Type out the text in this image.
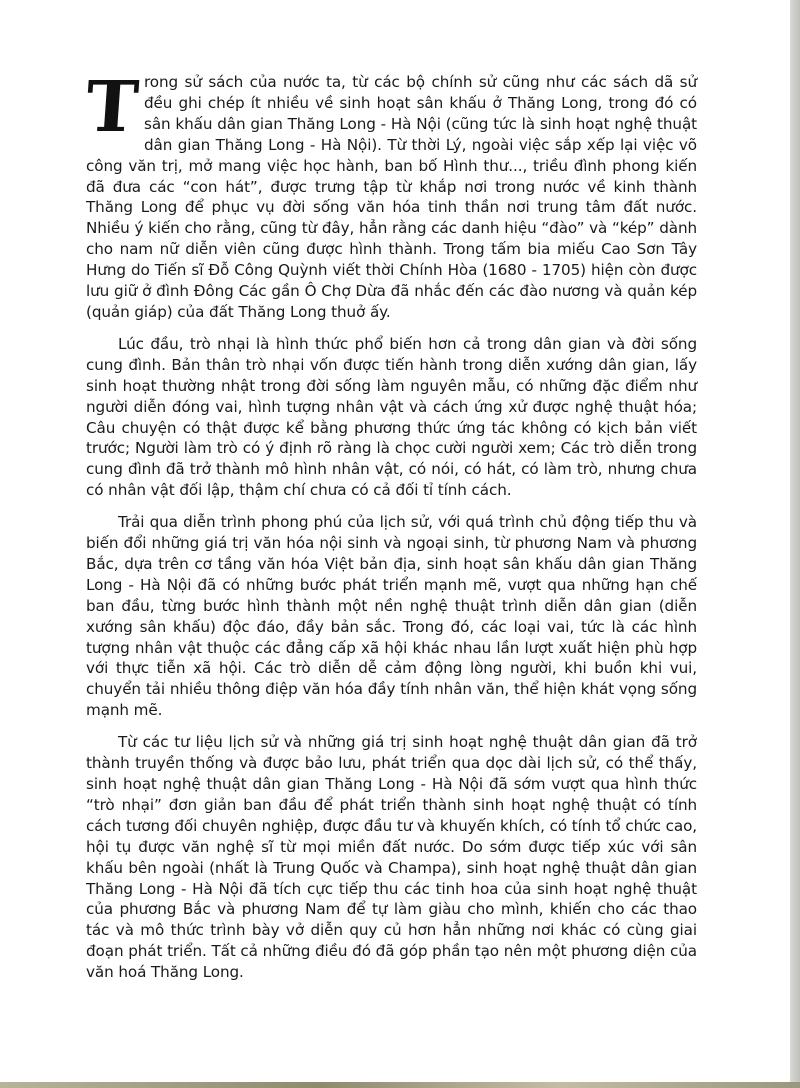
Trong sử sách của nước ta, từ các bộ chính sử cũng như các sách dã sử đều ghi chép ít nhiều về sinh hoạt sân khấu ở Thăng Long, trong đó có sân khấu dân gian Thăng Long - Hà Nội (cũng tức là sinh hoạt nghệ thuật dân gian Thăng Long - Hà Nội). Từ thời Lý, ngoài việc sắp xếp lại việc võ công văn trị, mở mang việc học hành, ban bố Hình thư..., triều đình phong kiến đã đưa các “con hát”, được trưng tập từ khắp nơi trong nước về kinh thành Thăng Long để phục vụ đời sống văn hóa tinh thần nơi trung tâm đất nước. Nhiều ý kiến cho rằng, cũng từ đây, hẳn rằng các danh hiệu “đào” và “kép” dành cho nam nữ diễn viên cũng được hình thành. Trong tấm bia miếu Cao Sơn Tây Hưng do Tiến sĩ Đỗ Công Quỳnh viết thời Chính Hòa (1680 - 1705) hiện còn được lưu giữ ở đình Đông Các gần Ô Chợ Dừa đã nhắc đến các đào nương và quản kép (quản giáp) của đất Thăng Long thuở ấy.

Lúc đầu, trò nhại là hình thức phổ biến hơn cả trong dân gian và đời sống cung đình. Bản thân trò nhại vốn được tiến hành trong diễn xướng dân gian, lấy sinh hoạt thường nhật trong đời sống làm nguyên mẫu, có những đặc điểm như người diễn đóng vai, hình tượng nhân vật và cách ứng xử được nghệ thuật hóa; Câu chuyện có thật được kể bằng phương thức ứng tác không có kịch bản viết trước; Người làm trò có ý định rõ ràng là chọc cười người xem; Các trò diễn trong cung đình đã trở thành mô hình nhân vật, có nói, có hát, có làm trò, nhưng chưa có nhân vật đối lập, thậm chí chưa có cả đối tỉ tính cách.

Trải qua diễn trình phong phú của lịch sử, với quá trình chủ động tiếp thu và biến đổi những giá trị văn hóa nội sinh và ngoại sinh, từ phương Nam và phương Bắc, dựa trên cơ tầng văn hóa Việt bản địa, sinh hoạt sân khấu dân gian Thăng Long - Hà Nội đã có những bước phát triển mạnh mẽ, vượt qua những hạn chế ban đầu, từng bước hình thành một nền nghệ thuật trình diễn dân gian (diễn xướng sân khấu) độc đáo, đầy bản sắc. Trong đó, các loại vai, tức là các hình tượng nhân vật thuộc các đẳng cấp xã hội khác nhau lần lượt xuất hiện phù hợp với thực tiễn xã hội. Các trò diễn dễ cảm động lòng người, khi buồn khi vui, chuyển tải nhiều thông điệp văn hóa đầy tính nhân văn, thể hiện khát vọng sống mạnh mẽ.

Từ các tư liệu lịch sử và những giá trị sinh hoạt nghệ thuật dân gian đã trở thành truyền thống và được bảo lưu, phát triển qua dọc dài lịch sử, có thể thấy, sinh hoạt nghệ thuật dân gian Thăng Long - Hà Nội đã sớm vượt qua hình thức “trò nhại” đơn giản ban đầu để phát triển thành sinh hoạt nghệ thuật có tính cách tương đối chuyên nghiệp, được đầu tư và khuyến khích, có tính tổ chức cao, hội tụ được văn nghệ sĩ từ mọi miền đất nước. Do sớm được tiếp xúc với sân khấu bên ngoài (nhất là Trung Quốc và Champa), sinh hoạt nghệ thuật dân gian Thăng Long - Hà Nội đã tích cực tiếp thu các tinh hoa của sinh hoạt nghệ thuật của phương Bắc và phương Nam để tự làm giàu cho mình, khiến cho các thao tác và mô thức trình bày vở diễn quy củ hơn hẳn những nơi khác có cùng giai đoạn phát triển. Tất cả những điều đó đã góp phần tạo nên một phương diện của văn hoá Thăng Long.
